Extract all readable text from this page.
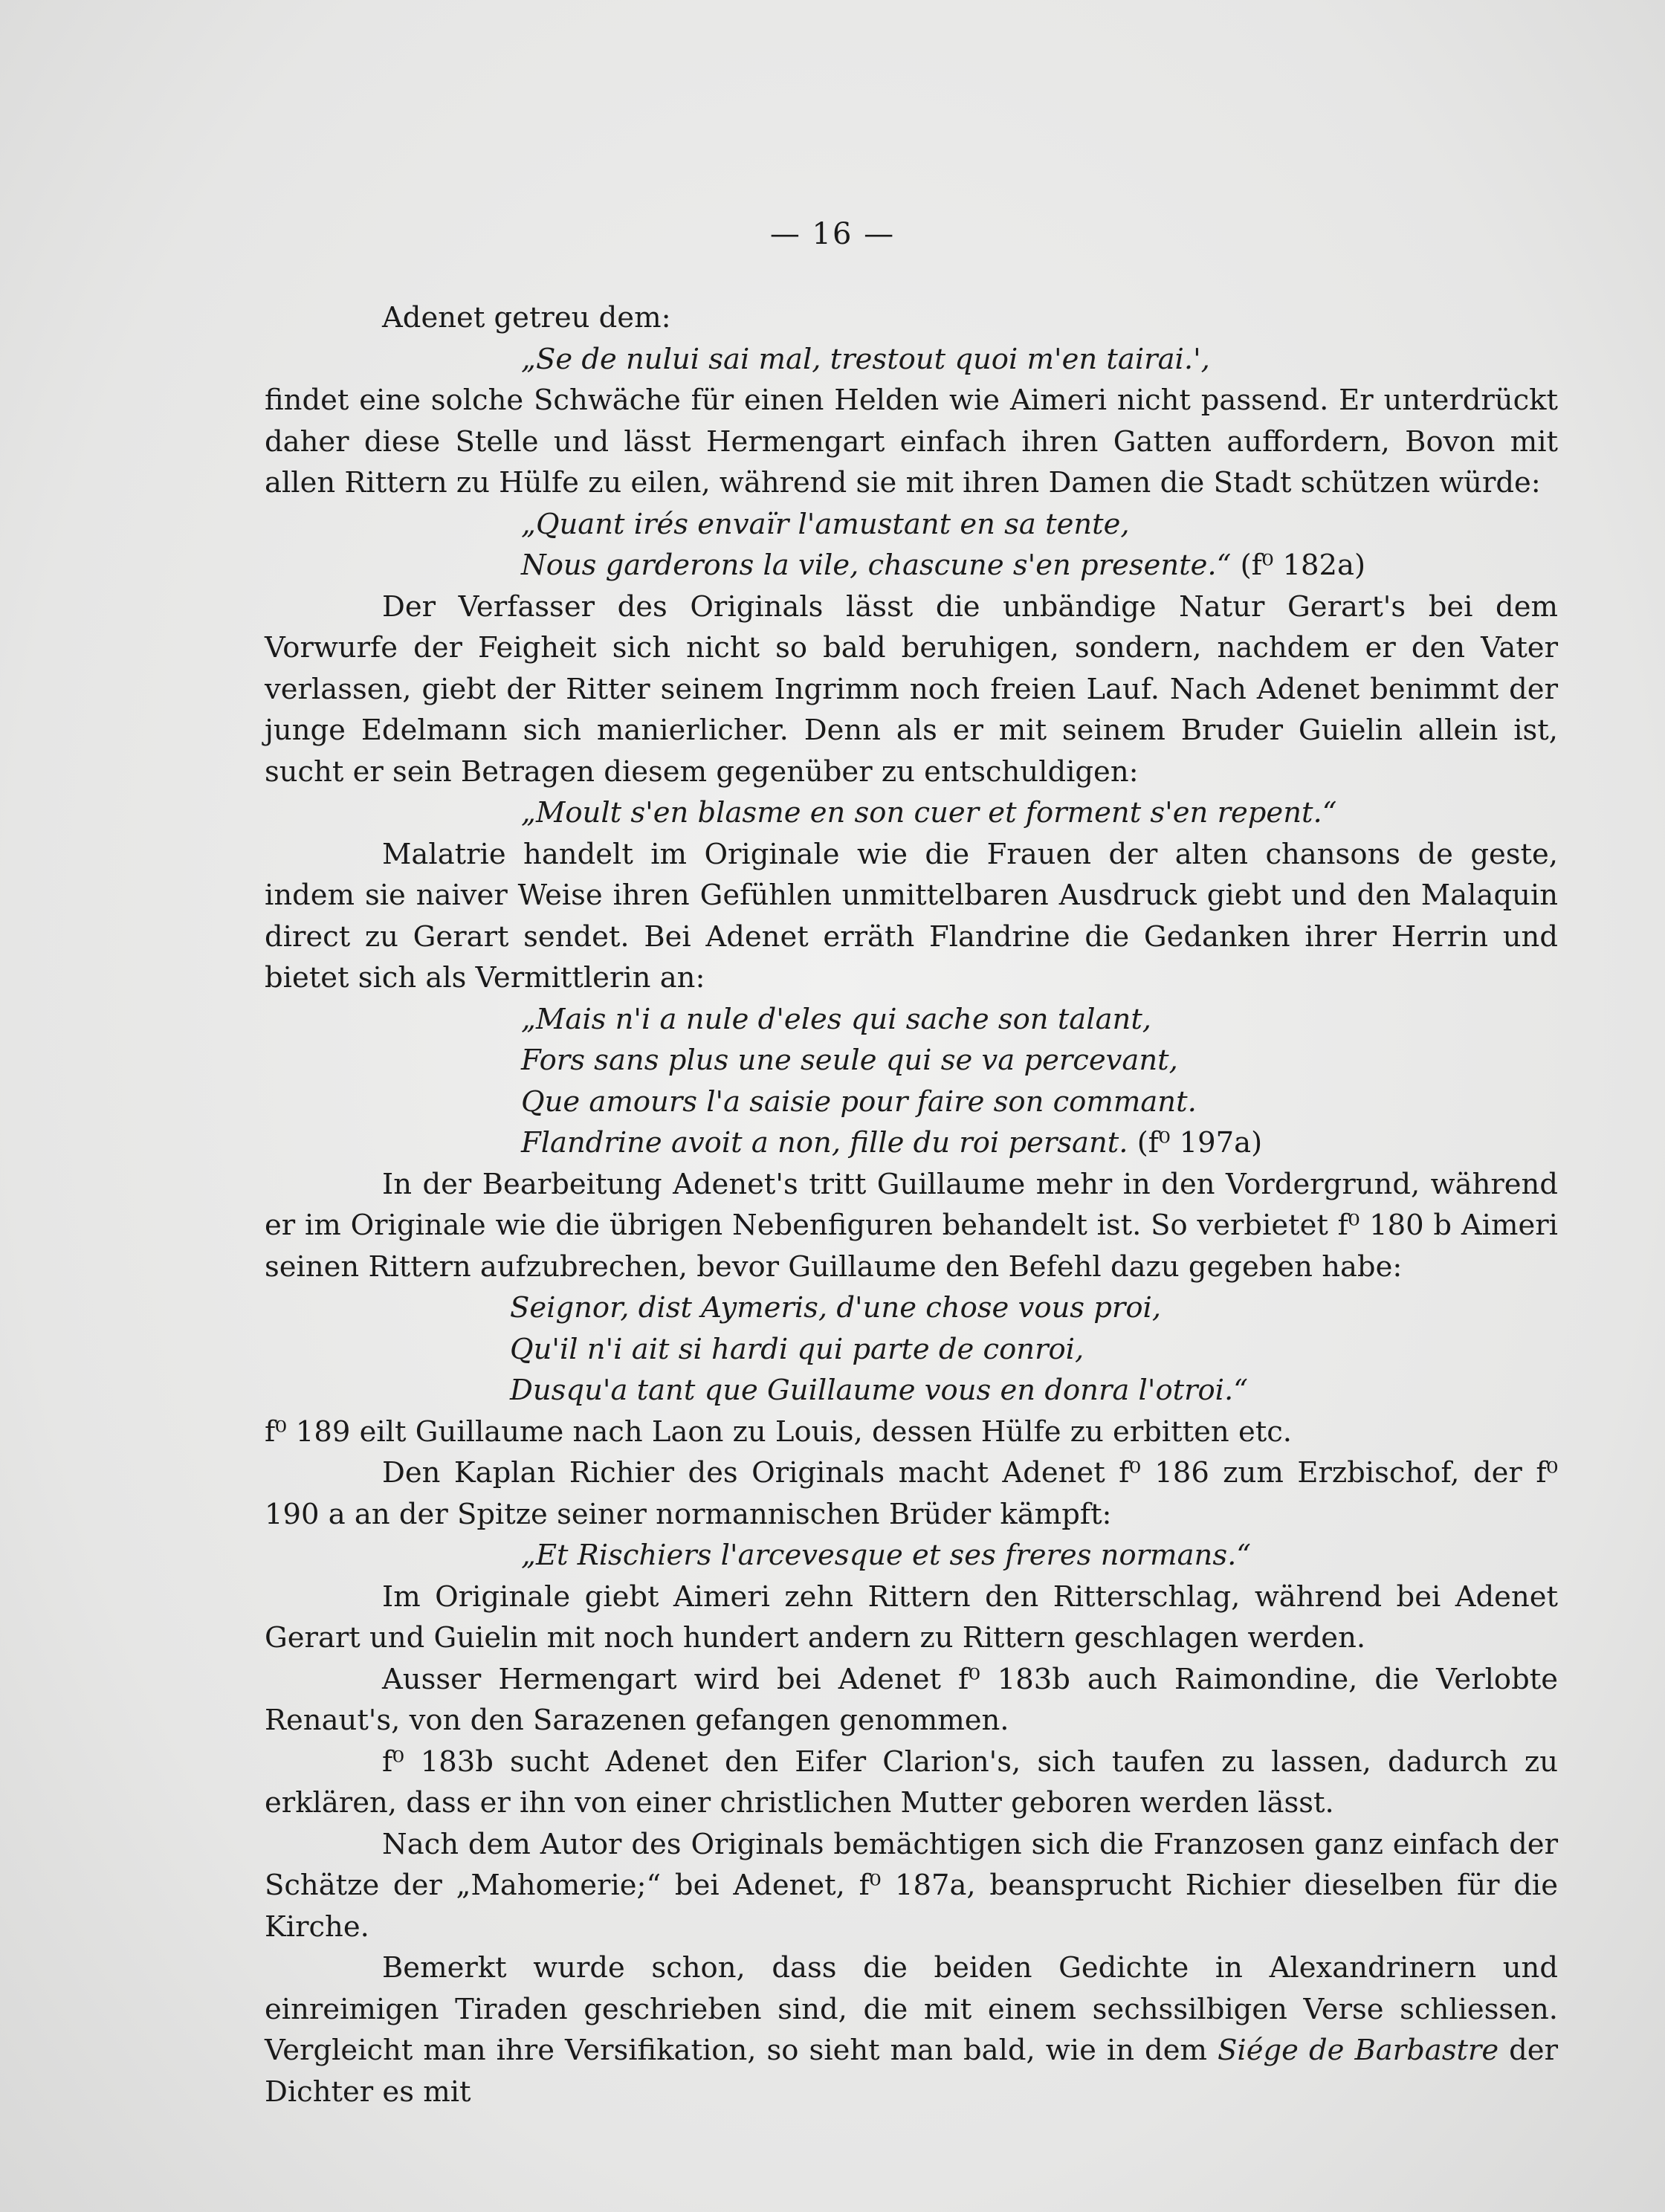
— 16 —

Adenet getreu dem:

„Se de nului sai mal, trestout quoi m'en tairai.',

findet eine solche Schwäche für einen Helden wie Aimeri nicht passend. Er unterdrückt daher diese Stelle und lässt Hermengart einfach ihren Gatten auffordern, Bovon mit allen Rittern zu Hülfe zu eilen, während sie mit ihren Damen die Stadt schützen würde:

„Quant irés envaïr l'amustant en sa tente,

Nous garderons la vile, chascune s'en presente.“ (f⁰ 182a)

Der Verfasser des Originals lässt die unbändige Natur Gerart's bei dem Vorwurfe der Feigheit sich nicht so bald beruhigen, sondern, nachdem er den Vater verlassen, giebt der Ritter seinem Ingrimm noch freien Lauf. Nach Adenet benimmt der junge Edelmann sich manierlicher. Denn als er mit seinem Bruder Guielin allein ist, sucht er sein Betragen diesem gegenüber zu entschuldigen:

„Moult s'en blasme en son cuer et forment s'en repent.“

Malatrie handelt im Originale wie die Frauen der alten chansons de geste, indem sie naiver Weise ihren Gefühlen unmittelbaren Ausdruck giebt und den Malaquin direct zu Gerart sendet. Bei Adenet erräth Flandrine die Gedanken ihrer Herrin und bietet sich als Vermittlerin an:

„Mais n'i a nule d'eles qui sache son talant,

Fors sans plus une seule qui se va percevant,

Que amours l'a saisie pour faire son commant.

Flandrine avoit a non, fille du roi persant. (f⁰ 197a)

In der Bearbeitung Adenet's tritt Guillaume mehr in den Vordergrund, während er im Originale wie die übrigen Nebenfiguren behandelt ist. So verbietet f⁰ 180 b Aimeri seinen Rittern aufzubrechen, bevor Guillaume den Befehl dazu gegeben habe:

Seignor, dist Aymeris, d'une chose vous proi,

Qu'il n'i ait si hardi qui parte de conroi,

Dusqu'a tant que Guillaume vous en donra l'otroi.“

f⁰ 189 eilt Guillaume nach Laon zu Louis, dessen Hülfe zu erbitten etc.

Den Kaplan Richier des Originals macht Adenet f⁰ 186 zum Erzbischof, der f⁰ 190 a an der Spitze seiner normannischen Brüder kämpft:

„Et Rischiers l'arcevesque et ses freres normans.“

Im Originale giebt Aimeri zehn Rittern den Ritterschlag, während bei Adenet Gerart und Guielin mit noch hundert andern zu Rittern geschlagen werden.

Ausser Hermengart wird bei Adenet f⁰ 183b auch Raimondine, die Verlobte Renaut's, von den Sarazenen gefangen genommen.

f⁰ 183b sucht Adenet den Eifer Clarion's, sich taufen zu lassen, dadurch zu erklären, dass er ihn von einer christlichen Mutter geboren werden lässt.

Nach dem Autor des Originals bemächtigen sich die Franzosen ganz einfach der Schätze der „Mahomerie;“ bei Adenet, f⁰ 187a, beansprucht Richier dieselben für die Kirche.

Bemerkt wurde schon, dass die beiden Gedichte in Alexandrinern und einreimigen Tiraden geschrieben sind, die mit einem sechssilbigen Verse schliessen. Vergleicht man ihre Versifikation, so sieht man bald, wie in dem Siége de Barbastre der Dichter es mit
